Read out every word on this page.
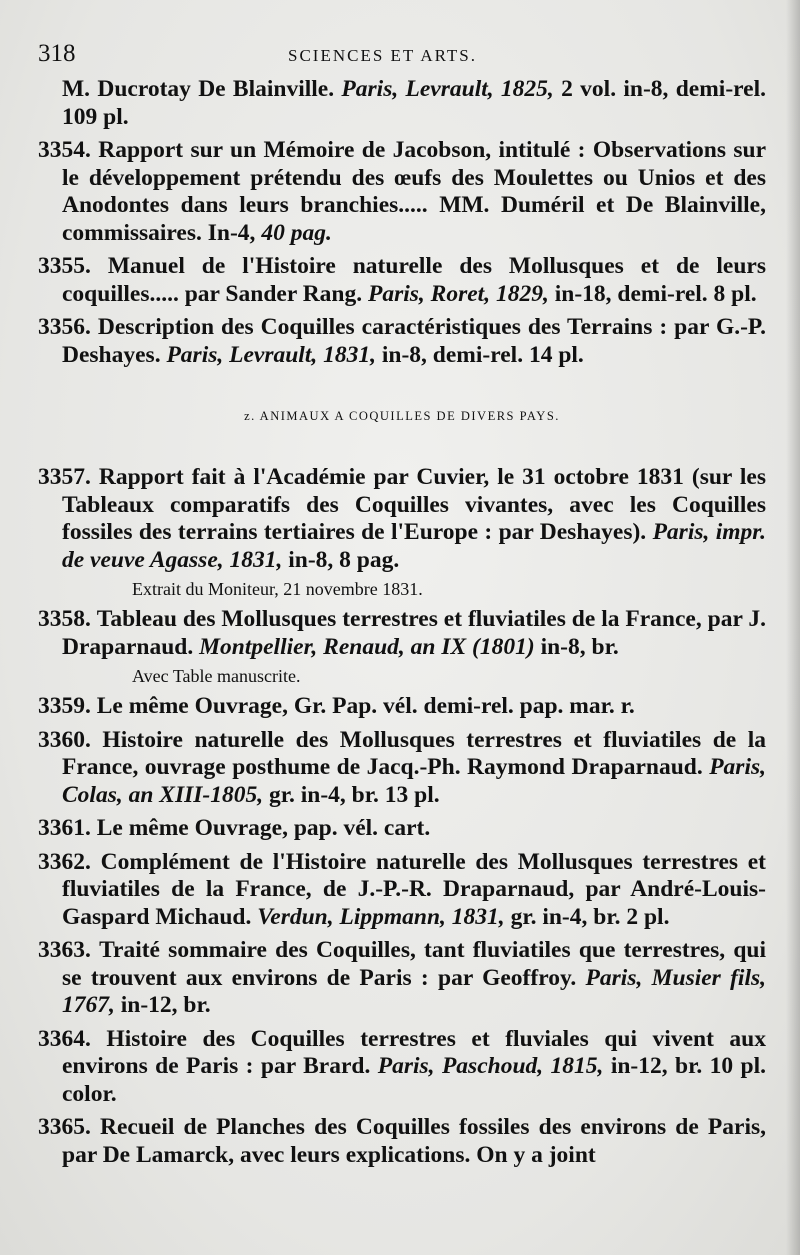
318	SCIENCES ET ARTS.

M. Ducrotay De Blainville. Paris, Levrault, 1825, 2 vol. in-8, demi-rel. 109 pl.

3354. Rapport sur un Mémoire de Jacobson, intitulé : Observations sur le développement prétendu des œufs des Moulettes ou Unios et des Anodontes dans leurs branchies..... MM. Duméril et De Blainville, commissaires. In-4, 40 pag.

3355. Manuel de l'Histoire naturelle des Mollusques et de leurs coquilles..... par Sander Rang. Paris, Roret, 1829, in-18, demi-rel. 8 pl.

3356. Description des Coquilles caractéristiques des Terrains : par G.-P. Deshayes. Paris, Levrault, 1831, in-8, demi-rel. 14 pl.

z. ANIMAUX A COQUILLES DE DIVERS PAYS.

3357. Rapport fait à l'Académie par Cuvier, le 31 octobre 1831 (sur les Tableaux comparatifs des Coquilles vivantes, avec les Coquilles fossiles des terrains tertiaires de l'Europe : par Deshayes). Paris, impr. de veuve Agasse, 1831, in-8, 8 pag.

Extrait du Moniteur, 21 novembre 1831.

3358. Tableau des Mollusques terrestres et fluviatiles de la France, par J. Draparnaud. Montpellier, Renaud, an IX (1801) in-8, br.

Avec Table manuscrite.

3359. Le même Ouvrage, Gr. Pap. vél. demi-rel. pap. mar. r.

3360. Histoire naturelle des Mollusques terrestres et fluviatiles de la France, ouvrage posthume de Jacq.-Ph. Raymond Draparnaud. Paris, Colas, an XIII-1805, gr. in-4, br. 13 pl.

3361. Le même Ouvrage, pap. vél. cart.

3362. Complément de l'Histoire naturelle des Mollusques terrestres et fluviatiles de la France, de J.-P.-R. Draparnaud, par André-Louis-Gaspard Michaud. Verdun, Lippmann, 1831, gr. in-4, br. 2 pl.

3363. Traité sommaire des Coquilles, tant fluviatiles que terrestres, qui se trouvent aux environs de Paris : par Geoffroy. Paris, Musier fils, 1767, in-12, br.

3364. Histoire des Coquilles terrestres et fluviales qui vivent aux environs de Paris : par Brard. Paris, Paschoud, 1815, in-12, br. 10 pl. color.

3365. Recueil de Planches des Coquilles fossiles des environs de Paris, par De Lamarck, avec leurs explications. On y a joint
